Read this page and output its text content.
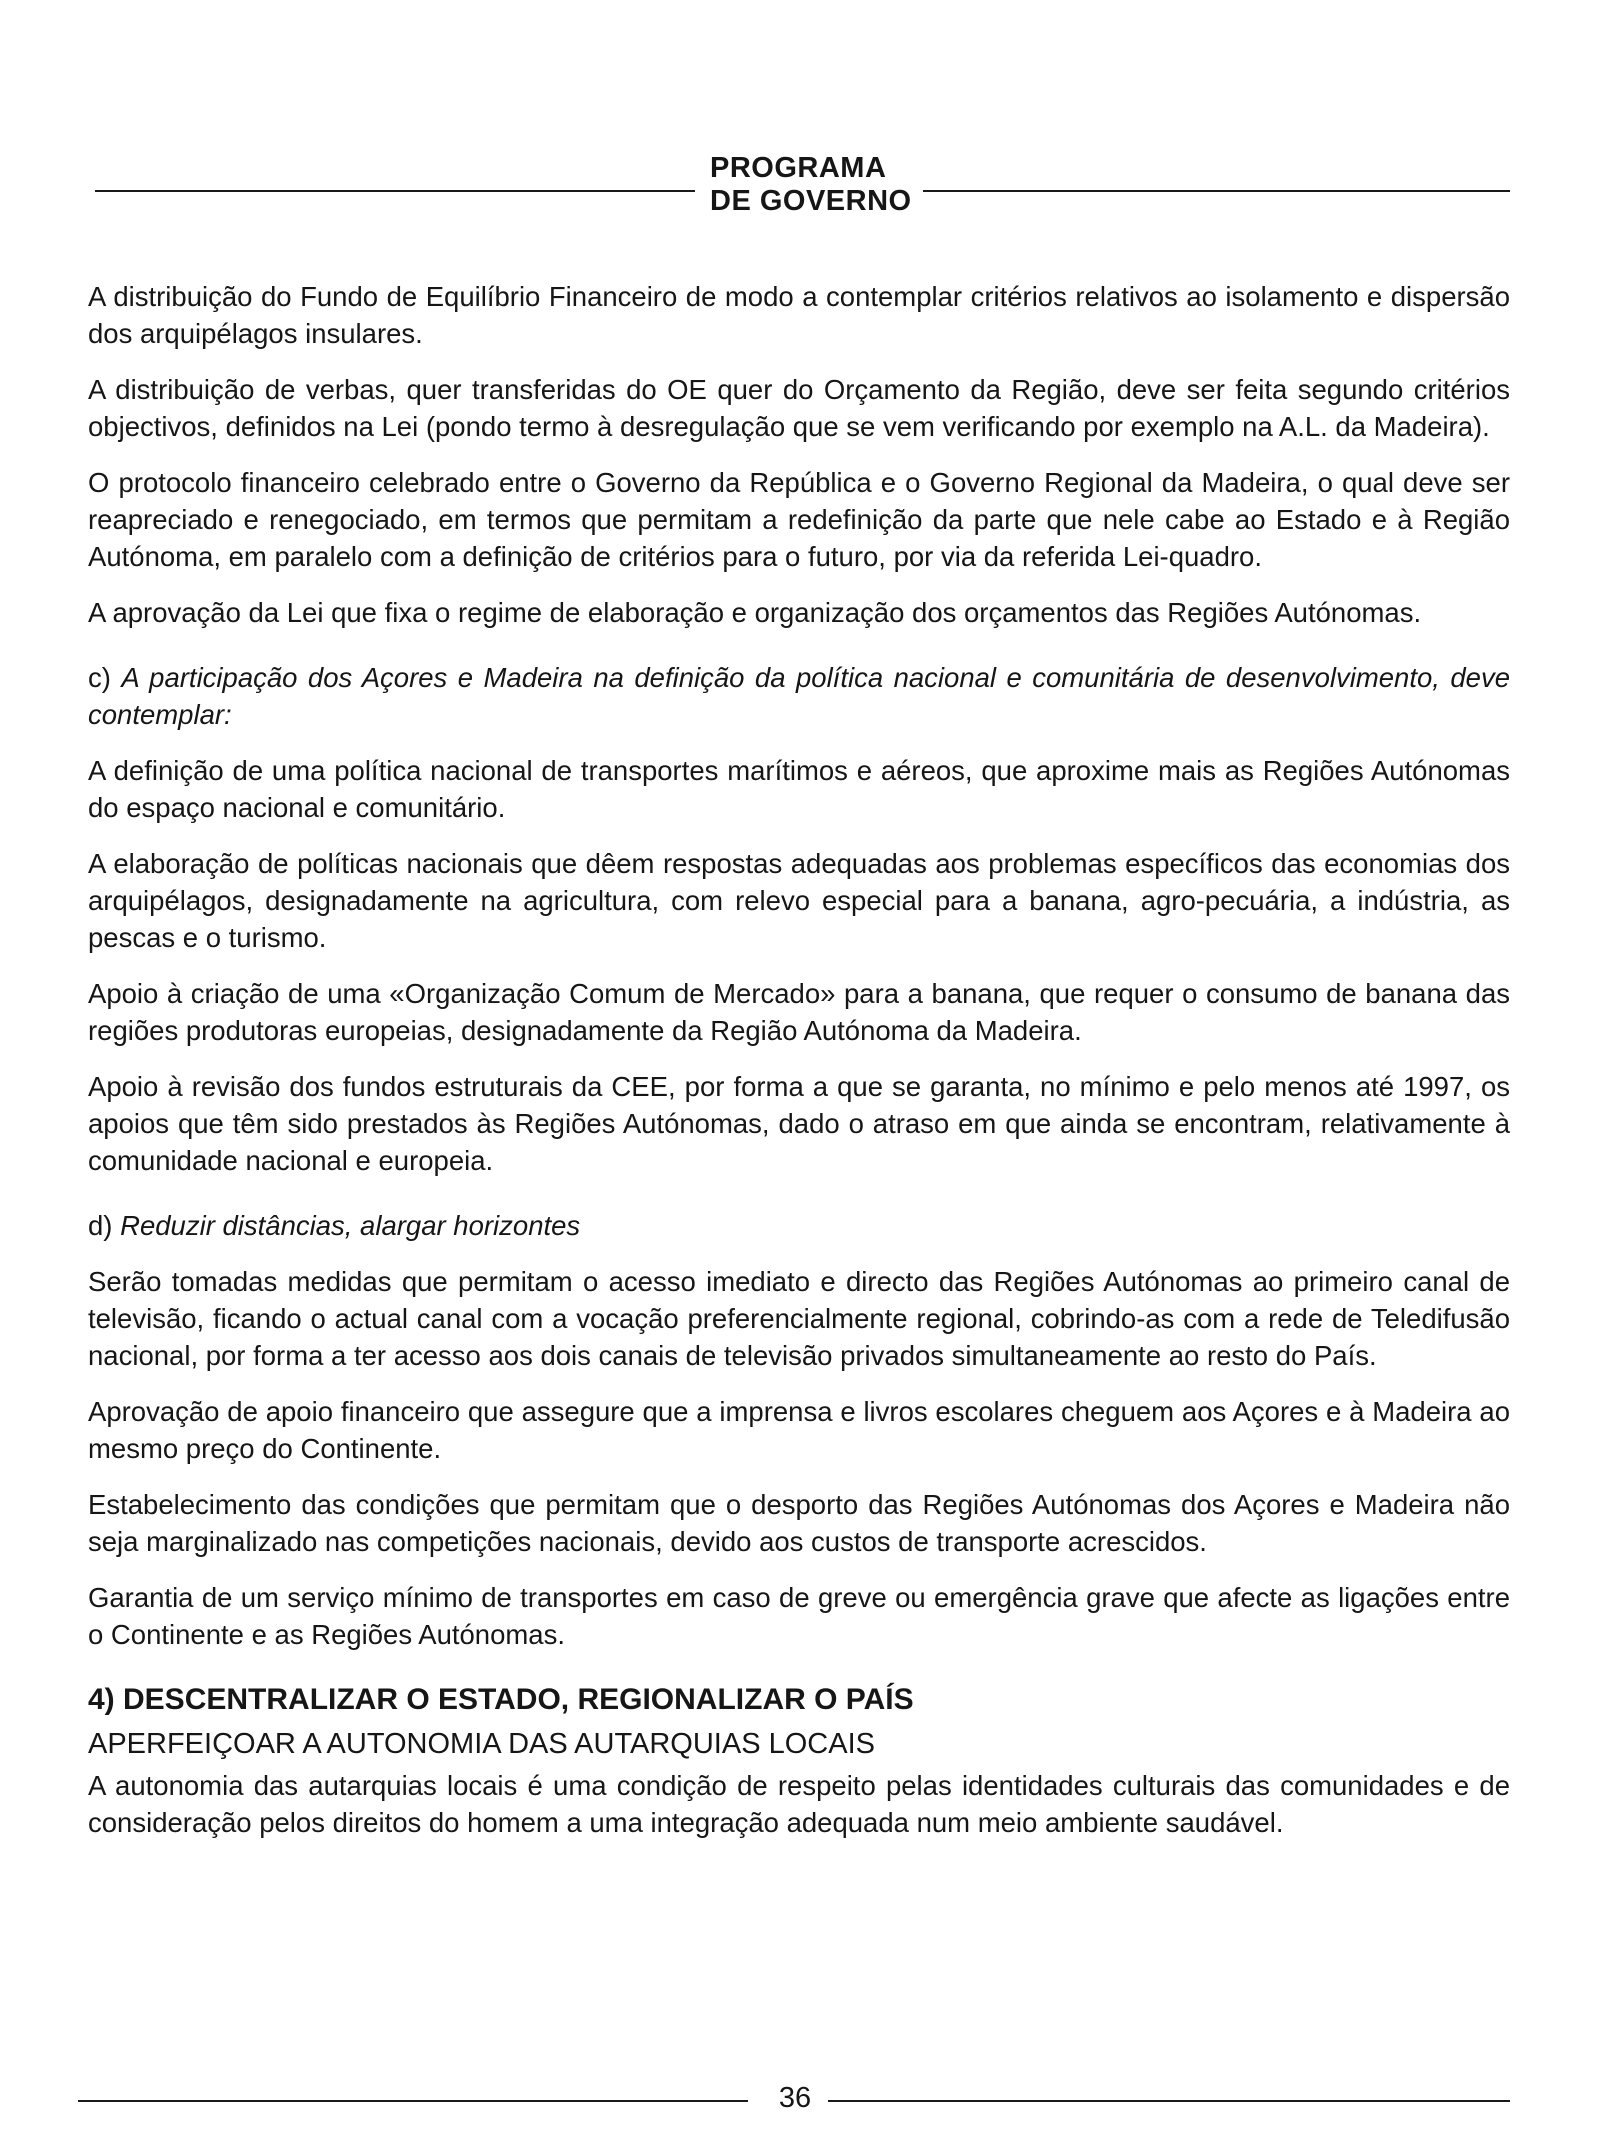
PROGRAMA
DE GOVERNO

A distribuição do Fundo de Equilíbrio Financeiro de modo a contemplar critérios relativos ao isolamento e dispersão dos arquipélagos insulares.

A distribuição de verbas, quer transferidas do OE quer do Orçamento da Região, deve ser feita segundo critérios objectivos, definidos na Lei (pondo termo à desregulação que se vem verificando por exemplo na A.L. da Madeira).

O protocolo financeiro celebrado entre o Governo da República e o Governo Regional da Madeira, o qual deve ser reapreciado e renegociado, em termos que permitam a redefinição da parte que nele cabe ao Estado e à Região Autónoma, em paralelo com a definição de critérios para o futuro, por via da referida Lei-quadro.

A aprovação da Lei que fixa o regime de elaboração e organização dos orçamentos das Regiões Autónomas.

c) A participação dos Açores e Madeira na definição da política nacional e comunitária de desenvolvimento, deve contemplar:

A definição de uma política nacional de transportes marítimos e aéreos, que aproxime mais as Regiões Autónomas do espaço nacional e comunitário.

A elaboração de políticas nacionais que dêem respostas adequadas aos problemas específicos das economias dos arquipélagos, designadamente na agricultura, com relevo especial para a banana, agro-pecuária, a indústria, as pescas e o turismo.

Apoio à criação de uma «Organização Comum de Mercado» para a banana, que requer o consumo de banana das regiões produtoras europeias, designadamente da Região Autónoma da Madeira.

Apoio à revisão dos fundos estruturais da CEE, por forma a que se garanta, no mínimo e pelo menos até 1997, os apoios que têm sido prestados às Regiões Autónomas, dado o atraso em que ainda se encontram, relativamente à comunidade nacional e europeia.

d) Reduzir distâncias, alargar horizontes

Serão tomadas medidas que permitam o acesso imediato e directo das Regiões Autónomas ao primeiro canal de televisão, ficando o actual canal com a vocação preferencialmente regional, cobrindo-as com a rede de Teledifusão nacional, por forma a ter acesso aos dois canais de televisão privados simultaneamente ao resto do País.

Aprovação de apoio financeiro que assegure que a imprensa e livros escolares cheguem aos Açores e à Madeira ao mesmo preço do Continente.

Estabelecimento das condições que permitam que o desporto das Regiões Autónomas dos Açores e Madeira não seja marginalizado nas competições nacionais, devido aos custos de transporte acrescidos.

Garantia de um serviço mínimo de transportes em caso de greve ou emergência grave que afecte as ligações entre o Continente e as Regiões Autónomas.

4) DESCENTRALIZAR O ESTADO, REGIONALIZAR O PAÍS
APERFEIÇOAR A AUTONOMIA DAS AUTARQUIAS LOCAIS

A autonomia das autarquias locais é uma condição de respeito pelas identidades culturais das comunidades e de consideração pelos direitos do homem a uma integração adequada num meio ambiente saudável.

36
